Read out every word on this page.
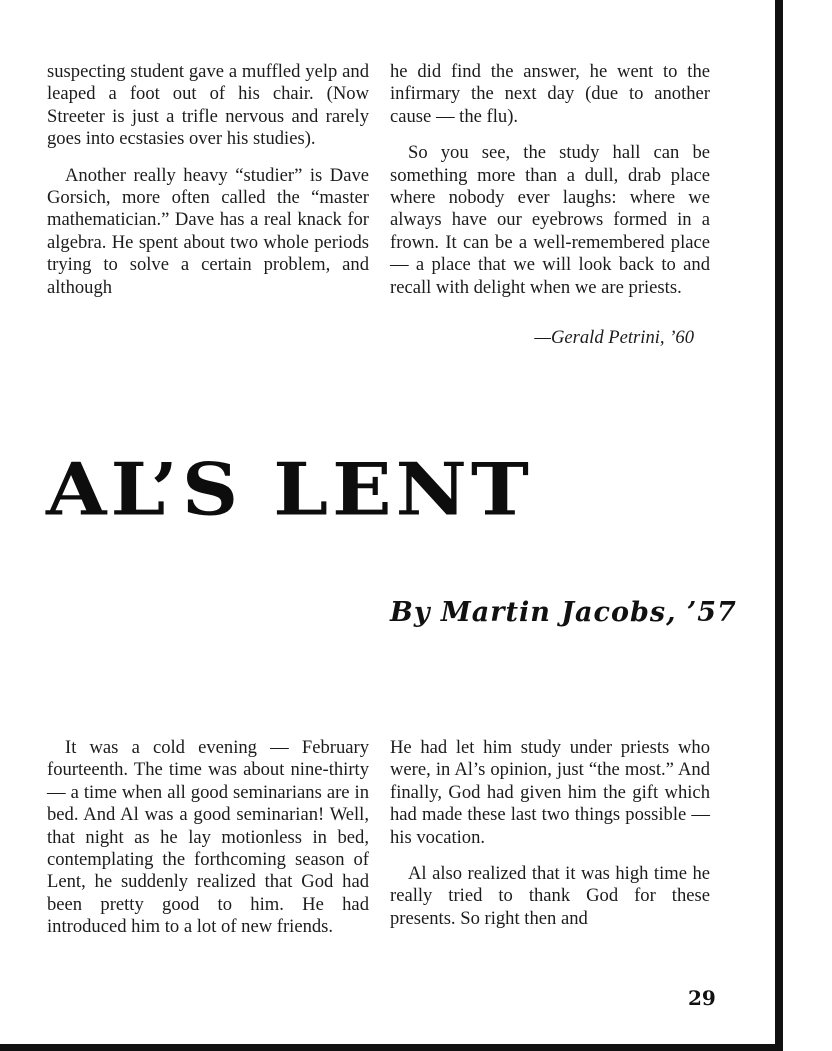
suspecting student gave a muffled yelp and leaped a foot out of his chair. (Now Streeter is just a trifle nervous and rarely goes into ecstasies over his studies).

Another really heavy “studier” is Dave Gorsich, more often called the “master mathematician.” Dave has a real knack for algebra. He spent about two whole periods trying to solve a certain problem, and although

he did find the answer, he went to the infirmary the next day (due to another cause — the flu).

So you see, the study hall can be something more than a dull, drab place where nobody ever laughs: where we always have our eyebrows formed in a frown. It can be a well-remembered place — a place that we will look back to and recall with delight when we are priests.

—Gerald Petrini, ’60
AL’S LENT
By Martin Jacobs, ’57

It was a cold evening — February fourteenth. The time was about nine-thirty — a time when all good seminarians are in bed. And Al was a good seminarian! Well, that night as he lay motionless in bed, contemplating the forthcoming season of Lent, he suddenly realized that God had been pretty good to him. He had introduced him to a lot of new friends.

He had let him study under priests who were, in Al’s opinion, just “the most.” And finally, God had given him the gift which had made these last two things possible — his vocation.

Al also realized that it was high time he really tried to thank God for these presents. So right then and

29
